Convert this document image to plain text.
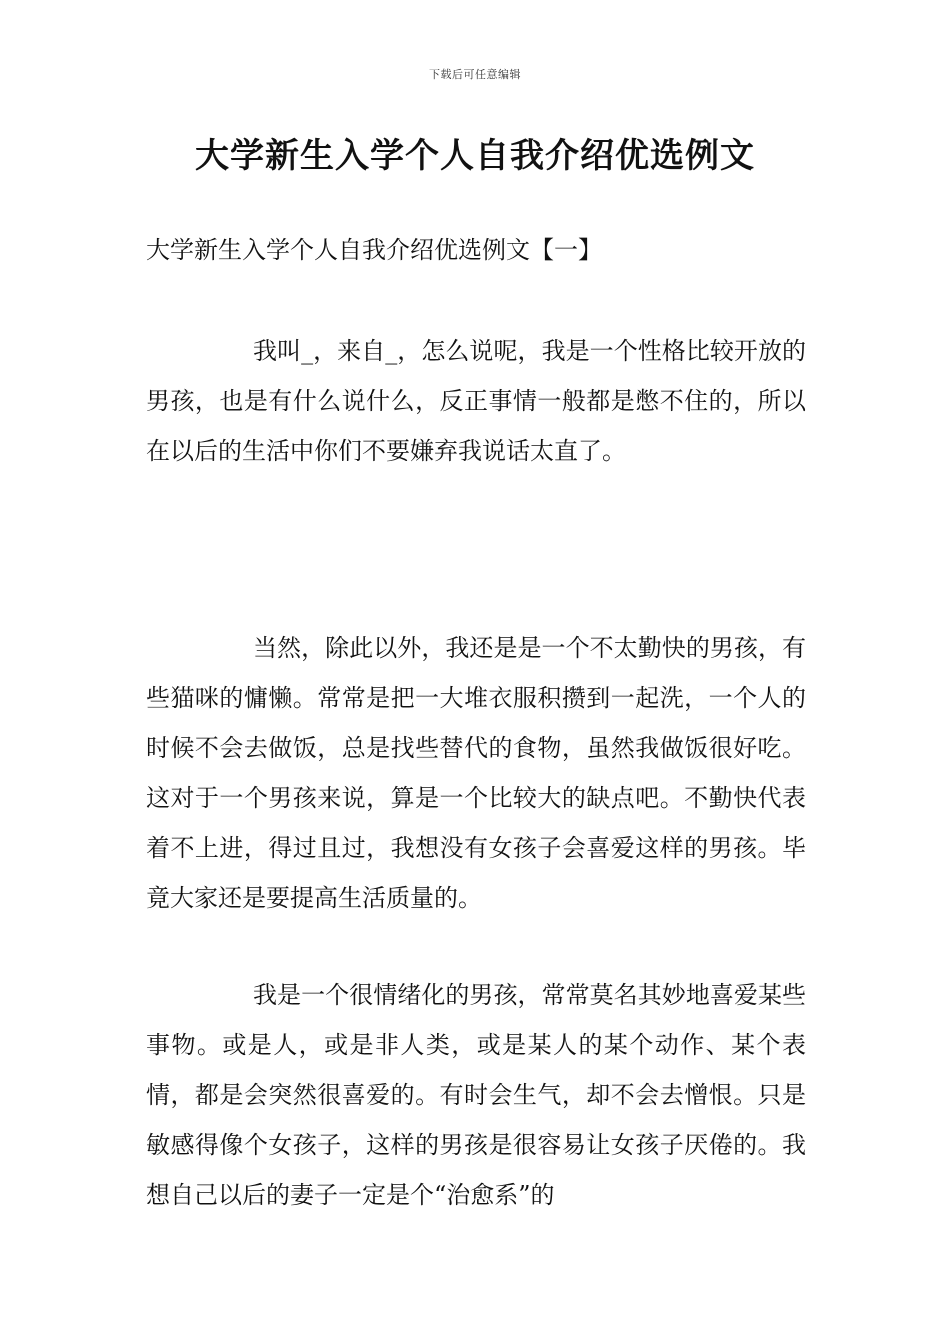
下载后可任意编辑
大学新生入学个人自我介绍优选例文
大学新生入学个人自我介绍优选例文【一】

我叫_，来自_，怎么说呢，我是一个性格比较开放的男孩，也是有什么说什么，反正事情一般都是憋不住的，所以在以后的生活中你们不要嫌弃我说话太直了。

当然，除此以外，我还是是一个不太勤快的男孩，有些猫咪的慵懒。常常是把一大堆衣服积攒到一起洗，一个人的时候不会去做饭，总是找些替代的食物，虽然我做饭很好吃。这对于一个男孩来说，算是一个比较大的缺点吧。不勤快代表着不上进，得过且过，我想没有女孩子会喜爱这样的男孩。毕竟大家还是要提高生活质量的。

我是一个很情绪化的男孩，常常莫名其妙地喜爱某些事物。或是人，或是非人类，或是某人的某个动作、某个表情，都是会突然很喜爱的。有时会生气，却不会去憎恨。只是敏感得像个女孩子，这样的男孩是很容易让女孩子厌倦的。我想自己以后的妻子一定是个“治愈系”的
